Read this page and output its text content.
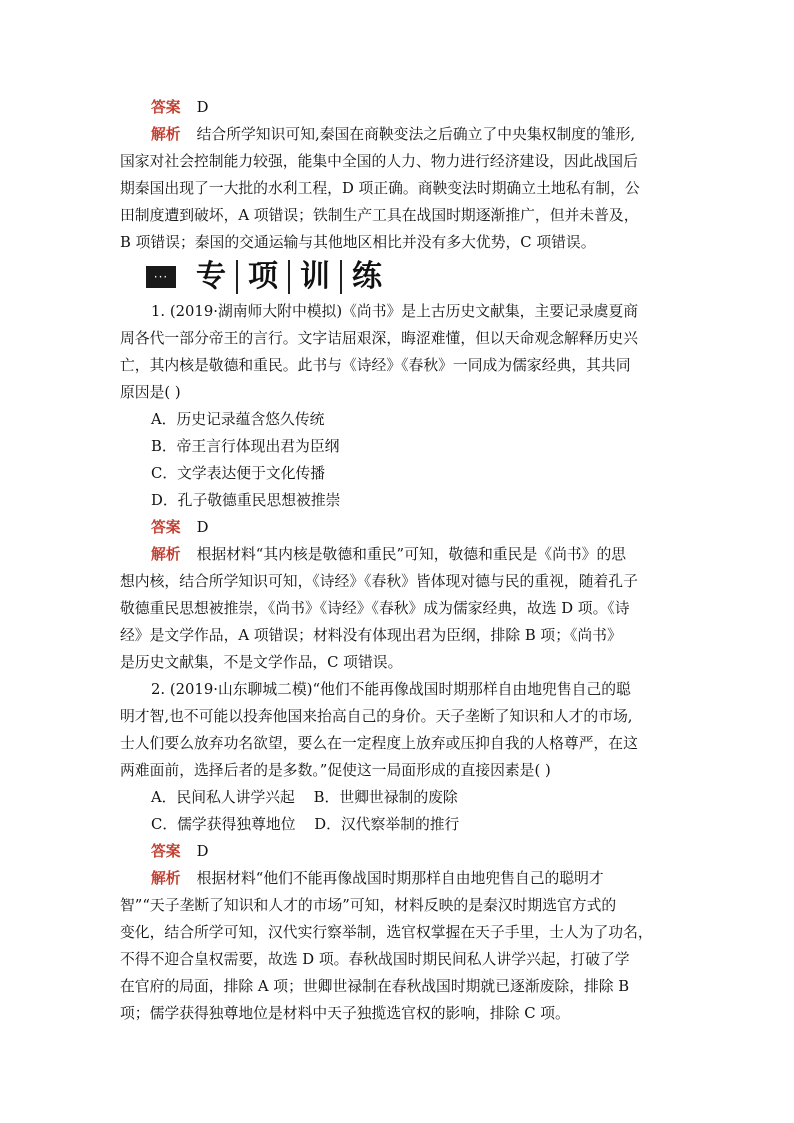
答案 D
解析 结合所学知识可知,秦国在商鞅变法之后确立了中央集权制度的雏形,
国家对社会控制能力较强，能集中全国的人力、物力进行经济建设，因此战国后
期秦国出现了一大批的水利工程，D 项正确。商鞅变法时期确立土地私有制，公
田制度遭到破坏，A 项错误；铁制生产工具在战国时期逐渐推广，但并未普及，
B 项错误；秦国的交通运输与其他地区相比并没有多大优势，C 项错误。
··· 专 项 训 练
1. (2019·湖南师大附中模拟)《尚书》是上古历史文献集，主要记录虞夏商
周各代一部分帝王的言行。文字诘屈艰深，晦涩难懂，但以天命观念解释历史兴
亡，其内核是敬德和重民。此书与《诗经》《春秋》一同成为儒家经典，其共同
原因是( )
A．历史记录蕴含悠久传统
B．帝王言行体现出君为臣纲
C．文学表达便于文化传播
D．孔子敬德重民思想被推崇
答案 D
解析 根据材料“其内核是敬德和重民”可知，敬德和重民是《尚书》的思
想内核，结合所学知识可知，《诗经》《春秋》皆体现对德与民的重视，随着孔子
敬德重民思想被推崇，《尚书》《诗经》《春秋》成为儒家经典，故选 D 项。《诗
经》是文学作品，A 项错误；材料没有体现出君为臣纲，排除 B 项；《尚书》
是历史文献集，不是文学作品，C 项错误。
2. (2019·山东聊城二模)“他们不能再像战国时期那样自由地兜售自己的聪
明才智,也不可能以投奔他国来抬高自己的身价。天子垄断了知识和人才的市场,
士人们要么放弃功名欲望，要么在一定程度上放弃或压抑自我的人格尊严，在这
两难面前，选择后者的是多数。”促使这一局面形成的直接因素是( )
A．民间私人讲学兴起    B．世卿世禄制的废除
C．儒学获得独尊地位    D．汉代察举制的推行
答案 D
解析 根据材料“他们不能再像战国时期那样自由地兜售自己的聪明才
智”“天子垄断了知识和人才的市场”可知，材料反映的是秦汉时期选官方式的
变化，结合所学可知，汉代实行察举制，选官权掌握在天子手里，士人为了功名，
不得不迎合皇权需要，故选 D 项。春秋战国时期民间私人讲学兴起，打破了学
在官府的局面，排除 A 项；世卿世禄制在春秋战国时期就已逐渐废除，排除 B
项；儒学获得独尊地位是材料中天子独揽选官权的影响，排除 C 项。
